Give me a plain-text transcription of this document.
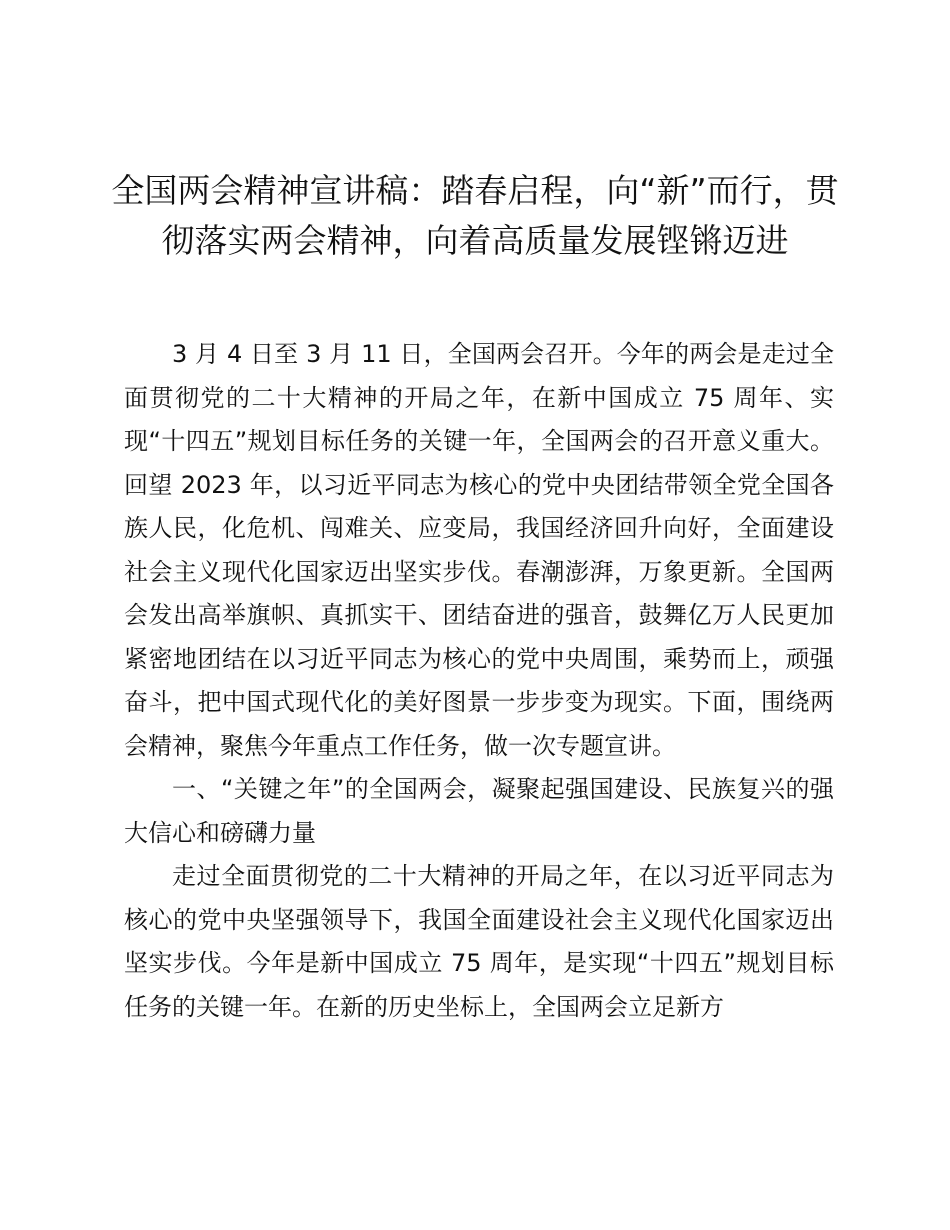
全国两会精神宣讲稿：踏春启程，向“新”而行，贯彻落实两会精神，向着高质量发展铿锵迈进

3 月 4 日至 3 月 11 日，全国两会召开。今年的两会是走过全面贯彻党的二十大精神的开局之年，在新中国成立 75 周年、实现“十四五”规划目标任务的关键一年，全国两会的召开意义重大。回望 2023 年，以习近平同志为核心的党中央团结带领全党全国各族人民，化危机、闯难关、应变局，我国经济回升向好，全面建设社会主义现代化国家迈出坚实步伐。春潮澎湃，万象更新。全国两会发出高举旗帜、真抓实干、团结奋进的强音，鼓舞亿万人民更加紧密地团结在以习近平同志为核心的党中央周围，乘势而上，顽强奋斗，把中国式现代化的美好图景一步步变为现实。下面，围绕两会精神，聚焦今年重点工作任务，做一次专题宣讲。

一、“关键之年”的全国两会，凝聚起强国建设、民族复兴的强大信心和磅礴力量

走过全面贯彻党的二十大精神的开局之年，在以习近平同志为核心的党中央坚强领导下，我国全面建设社会主义现代化国家迈出坚实步伐。今年是新中国成立 75 周年，是实现“十四五”规划目标任务的关键一年。在新的历史坐标上，全国两会立足新方
